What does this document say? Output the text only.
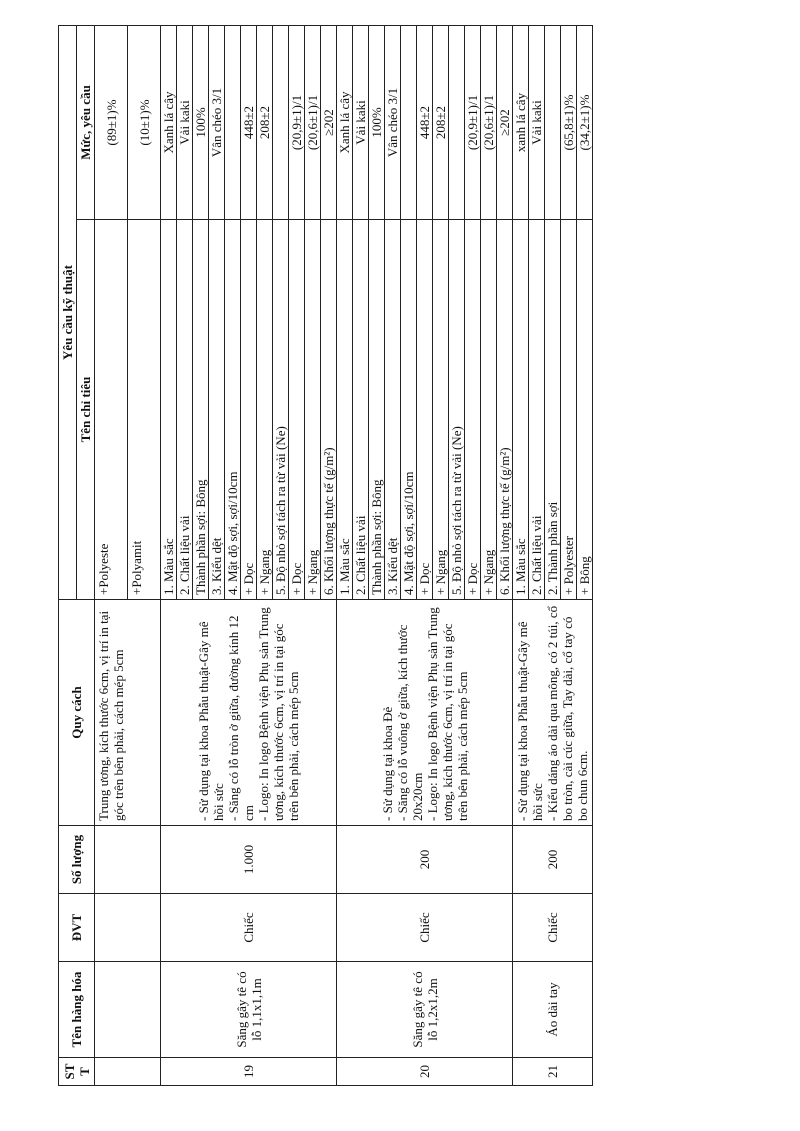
ST T	Tên hàng hóa	ĐVT	Số lượng	Quy cách	Yêu cầu kỹ thuật	
					Tên chỉ tiêu	Mức, yêu cầu
				Trung ương, kích thước 6cm, vị trí in tại góc trên bên phải, cách mép 5cm	+Polyeste	(89±1)%
					+Polyamit	(10±1)%
19	Săng gây tê có lỗ 1,1x1,1m	Chiếc	1.000	- Sử dụng tại khoa Phẫu thuật-Gây mê hồi sức - Săng có lỗ tròn ở giữa, đường kính 12 cm - Logo: In logo Bệnh viện Phụ sản Trung ương, kích thước 6cm, vị trí in tại góc trên bên phải, cách mép 5cm	1. Màu sắc	Xanh lá cây
					2. Chất liệu vải	Vải kaki
					Thành phần sợi: Bông	100%
					3. Kiểu dệt	Vân chéo 3/1
					4. Mật độ sợi, sợi/10cm	
					+ Dọc	448±2
					+ Ngang	208±2
					5. Độ nhỏ sợi tách ra từ vải (Ne)	
					+ Dọc	(20,9±1)/1
					+ Ngang	(20,6±1)/1
					6. Khối lượng thực tế (g/m²)	≥202
20	Săng gây tê có lỗ 1,2x1,2m	Chiếc	200	- Sử dụng tại khoa Đẻ - Săng có lỗ vuông ở giữa, kích thước 20x20cm - Logo: In logo Bệnh viện Phụ sản Trung ương, kích thước 6cm, vị trí in tại góc trên bên phải, cách mép 5cm	1. Màu sắc	Xanh lá cây
					2. Chất liệu vải	Vải kaki
					Thành phần sợi: Bông	100%
					3. Kiểu dệt	Vân chéo 3/1
					4. Mật độ sợi, sợi/10cm	
					+ Dọc	448±2
					+ Ngang	208±2
					5. Độ nhỏ sợi tách ra từ vải (Ne)	
					+ Dọc	(20,9±1)/1
					+ Ngang	(20,6±1)/1
					6. Khối lượng thực tế (g/m²)	≥202
21	Áo dài tay	Chiếc	200	- Sử dụng tại khoa Phẫu thuật-Gây mê hồi sức - Kiểu dáng áo dài qua mông, có 2 túi, cổ bo tròn, cài cúc giữa, Tay dài, cổ tay có bo chun 6cm.	1. Màu sắc	xanh lá cây
					2. Chất liệu vải	Vải kaki
					2. Thành phần sợi	
					+ Polyester	(65,8±1)%
					+ Bông	(34,2±1)%
